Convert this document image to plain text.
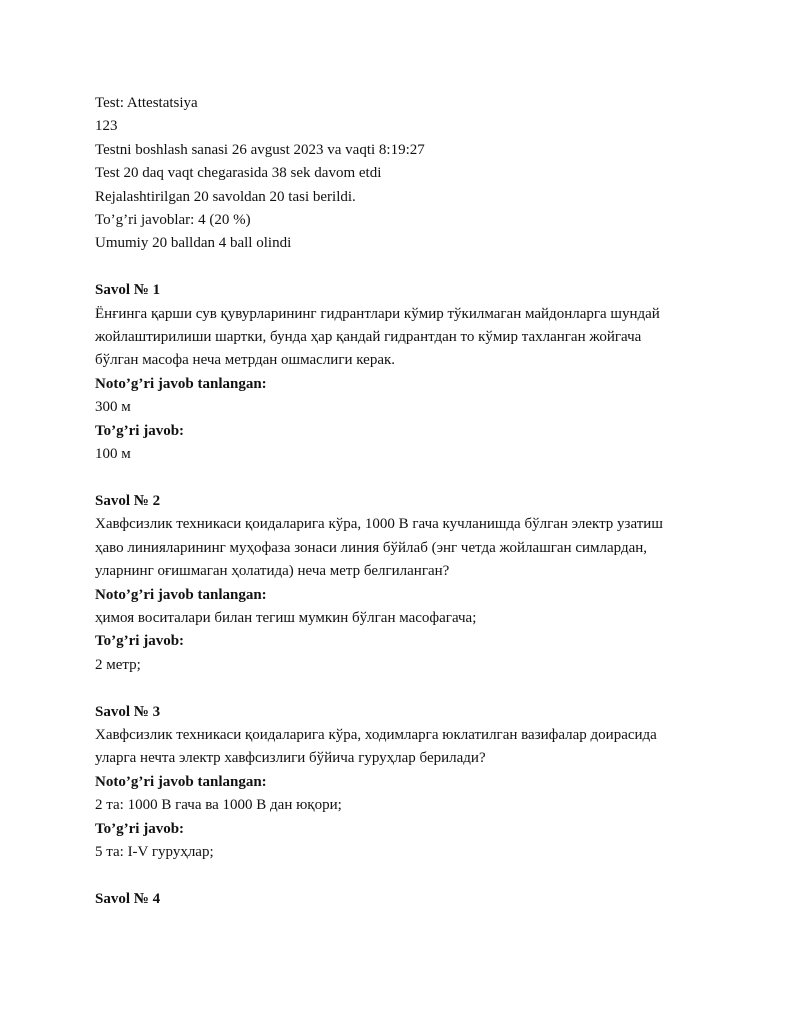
Test: Attestatsiya

123

Testni boshlash sanasi 26 avgust 2023 va vaqti 8:19:27

Test 20 daq vaqt chegarasida 38 sek davom etdi

Rejalashtirilgan 20 savoldan 20 tasi berildi.

To’g’ri javoblar: 4 (20 %)

Umumiy 20 balldan 4 ball olindi

Savol № 1

Ёнғинга қарши сув қувурларининг гидрантлари кўмир тўкилмаган майдонларга шундай

жойлаштирилиши шартки, бунда ҳар қандай гидрантдан то кўмир тахланган жойгача

бўлган масофа неча метрдан ошмаслиги керак.

Noto’g’ri javob tanlangan:

300 м

To’g’ri javob:

100 м

Savol № 2

Хавфсизлик техникаси қоидаларига кўра, 1000 В гача кучланишда бўлган электр узатиш

ҳаво линияларининг муҳофаза зонаси линия бўйлаб (энг четда жойлашган симлардан,

уларнинг оғишмаган ҳолатида) неча метр белгиланган?

Noto’g’ri javob tanlangan:

ҳимоя воситалари билан тегиш мумкин бўлган масофагача;

To’g’ri javob:

2 метр;

Savol № 3

Хавфсизлик техникаси қоидаларига кўра, ходимларга юклатилган вазифалар доирасида

уларга нечта электр хавфсизлиги бўйича гуруҳлар берилади?

Noto’g’ri javob tanlangan:

2 та: 1000 В гача ва 1000 В дан юқори;

To’g’ri javob:

5 та: I-V гуруҳлар;

Savol № 4
